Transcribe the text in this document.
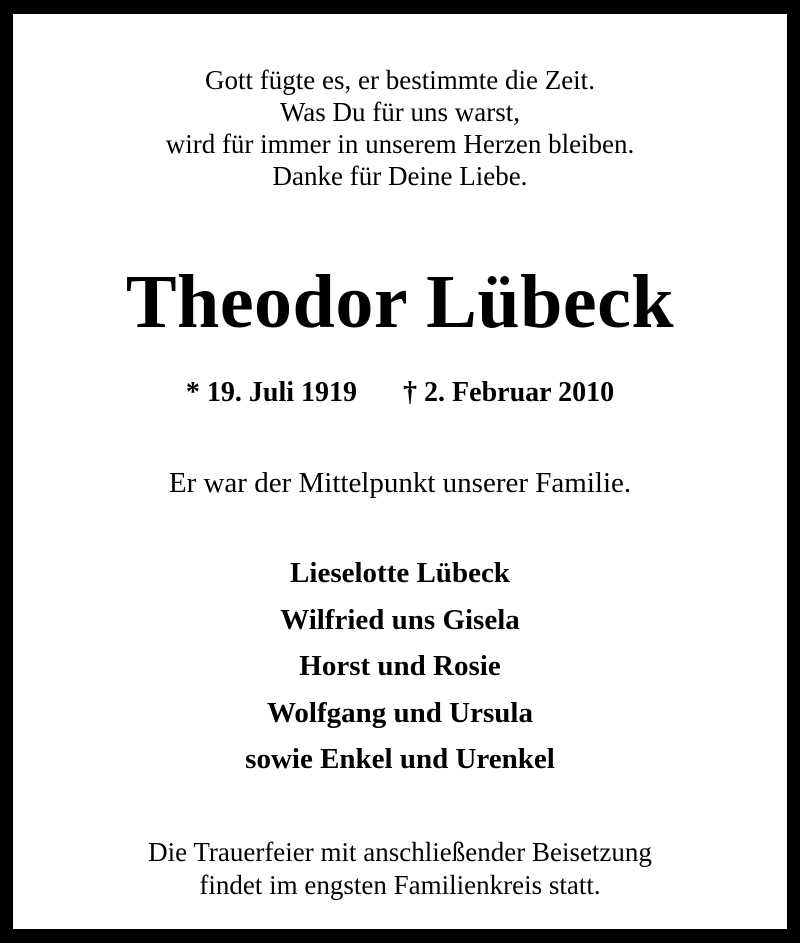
Gott fügte es, er bestimmte die Zeit.
Was Du für uns warst,
wird für immer in unserem Herzen bleiben.
Danke für Deine Liebe.
Theodor Lübeck
* 19. Juli 1919 † 2. Februar 2010
Er war der Mittelpunkt unserer Familie.
Lieselotte Lübeck
Wilfried uns Gisela
Horst und Rosie
Wolfgang und Ursula
sowie Enkel und Urenkel
Die Trauerfeier mit anschließender Beisetzung
findet im engsten Familienkreis statt.
